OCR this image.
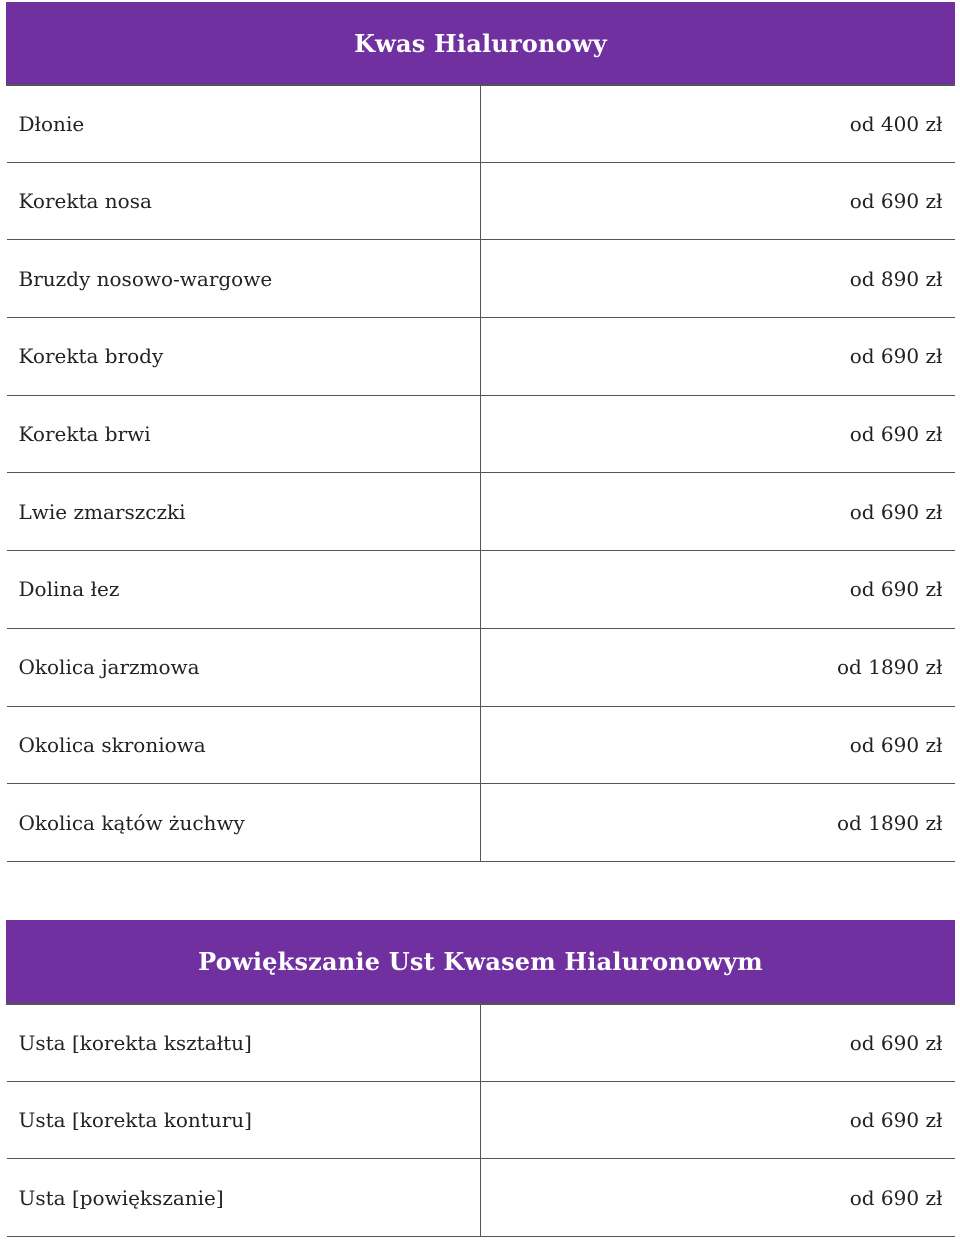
Kwas Hialuronowy	
Dłonie	od 400 zł
Korekta nosa	od 690 zł
Bruzdy nosowo-wargowe	od 890 zł
Korekta brody	od 690 zł
Korekta brwi	od 690 zł
Lwie zmarszczki	od 690 zł
Dolina łez	od 690 zł
Okolica jarzmowa	od 1890 zł
Okolica skroniowa	od 690 zł
Okolica kątów żuchwy	od 1890 zł
Powiększanie Ust Kwasem Hialuronowym	
Usta [korekta kształtu]	od 690 zł
Usta [korekta konturu]	od 690 zł
Usta [powiększanie]	od 690 zł
